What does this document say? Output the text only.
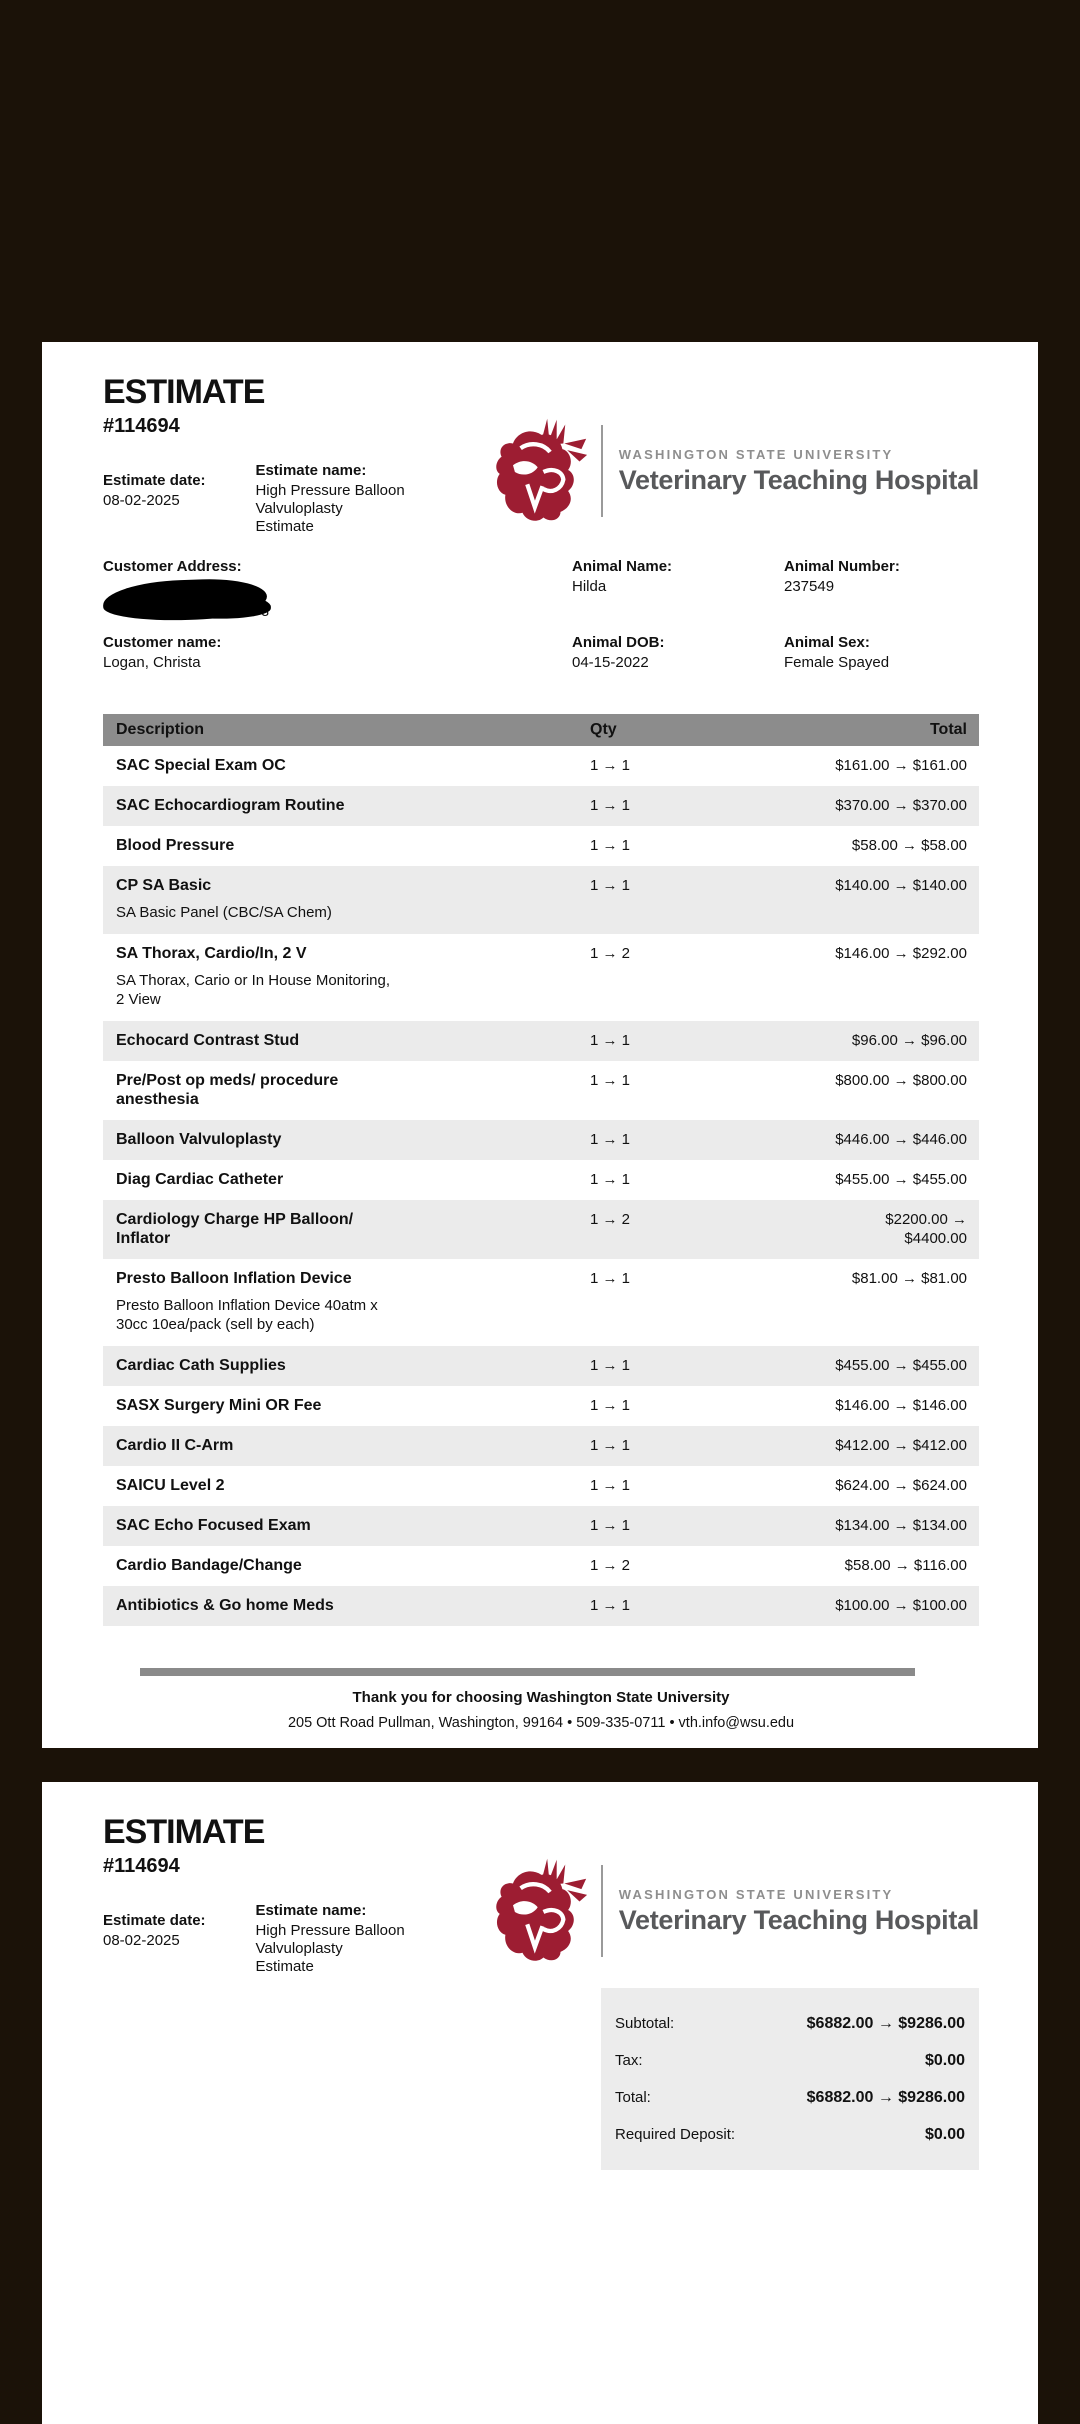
ESTIMATE
#114694
Estimate date:
08-02-2025
Estimate name:
High Pressure Balloon Valvuloplasty
Estimate
WASHINGTON STATE UNIVERSITY
Veterinary Teaching Hospital
Customer Address:	Animal Name:
Hilda
Animal Number:
237549
Customer name:
Logan, Christa
Animal DOB:
04-15-2022
Animal Sex:
Female Spayed
Description	Qty	Total
SAC Special Exam OC	1 → 1	$161.00 → $161.00
SAC Echocardiogram Routine	1 → 1	$370.00 → $370.00
Blood Pressure	1 → 1	$58.00 → $58.00
CP SA Basic
SA Basic Panel (CBC/SA Chem)
1 → 1	$140.00 → $140.00
SA Thorax, Cardio/In, 2 V
SA Thorax, Cario or In House Monitoring,
2 View
1 → 2	$146.00 → $292.00
Echocard Contrast Stud	1 → 1	$96.00 → $96.00
Pre/Post op meds/ procedure
anesthesia
1 → 1	$800.00 → $800.00
Balloon Valvuloplasty	1 → 1	$446.00 → $446.00
Diag Cardiac Catheter	1 → 1	$455.00 → $455.00
Cardiology Charge HP Balloon/
Inflator
1 → 2	$2200.00 →
$4400.00
Presto Balloon Inflation Device
Presto Balloon Inflation Device 40atm x
30cc 10ea/pack (sell by each)
1 → 1	$81.00 → $81.00
Cardiac Cath Supplies	1 → 1	$455.00 → $455.00
SASX Surgery Mini OR Fee	1 → 1	$146.00 → $146.00
Cardio II C-Arm	1 → 1	$412.00 → $412.00
SAICU Level 2	1 → 1	$624.00 → $624.00
SAC Echo Focused Exam	1 → 1	$134.00 → $134.00
Cardio Bandage/Change	1 → 2	$58.00 → $116.00
Antibiotics & Go home Meds	1 → 1	$100.00 → $100.00
Thank you for choosing Washington State University
205 Ott Road Pullman, Washington, 99164 • 509-335-0711 • vth.info@wsu.edu
ESTIMATE
#114694
Estimate date:
08-02-2025
Estimate name:
High Pressure Balloon Valvuloplasty
Estimate
WASHINGTON STATE UNIVERSITY
Veterinary Teaching Hospital
Subtotal:	$6882.00 → $9286.00
Tax:	$0.00
Total:	$6882.00 → $9286.00
Required Deposit:	$0.00
